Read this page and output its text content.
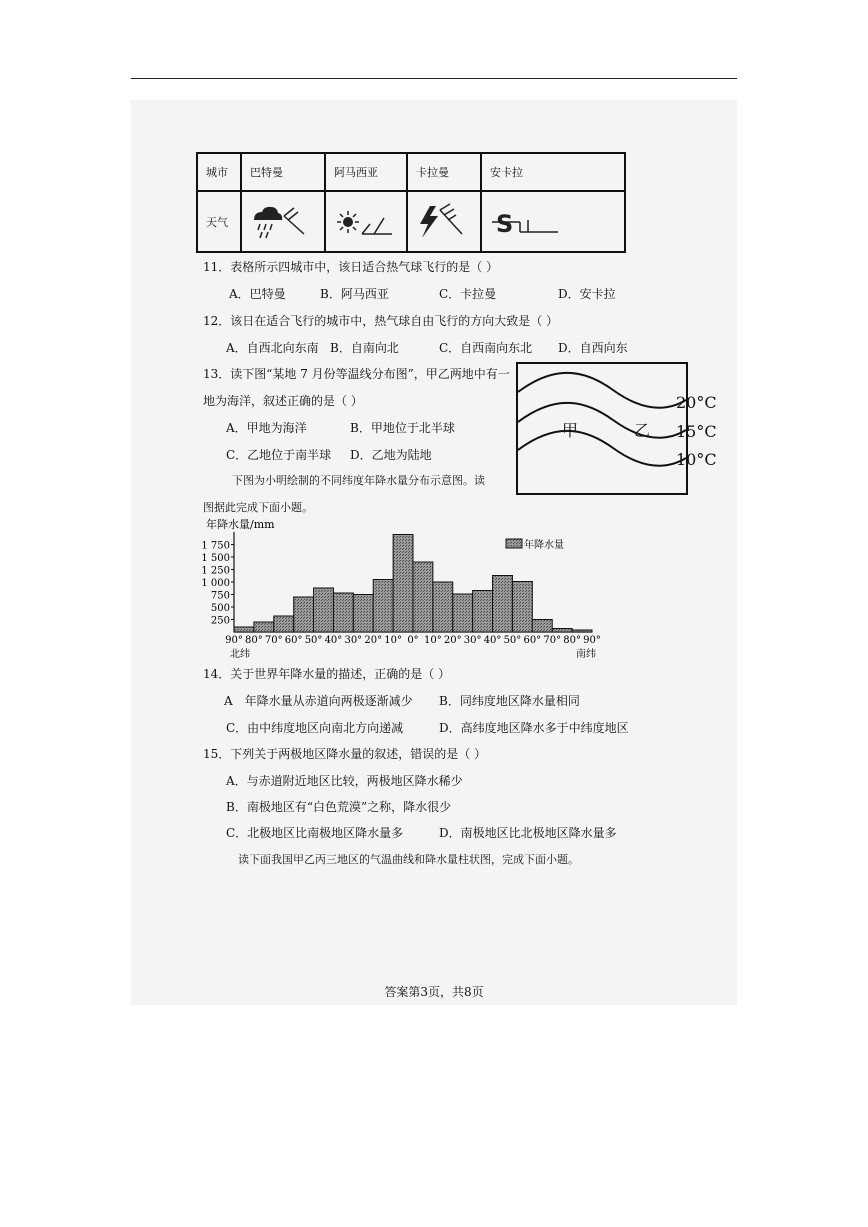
城市	巴特曼	阿马西亚	卡拉曼	安卡拉
天气				S
11．表格所示四城市中，该日适合热气球飞行的是（ ）
A．巴特曼	B．阿马西亚	C．卡拉曼	D．安卡拉
12．该日在适合飞行的城市中，热气球自由飞行的方向大致是（ ）
A．自西北向东南 B．自南向北	C．自西南向东北 D．自西向东
13．读下图“某地 7 月份等温线分布图”，甲乙两地中有一
地为海洋，叙述正确的是（ ）
A．甲地为海洋	B．甲地位于北半球
C．乙地位于南半球 D．乙地为陆地
甲	乙
20°C
15°C
10°C
下图为小明绘制的不同纬度年降水量分布示意图。读
图据此完成下面小题。
年降水量/mm
1 750
1 500
1 250
1 000
750
500
250
90° 80° 70° 60° 50° 40° 30° 20° 10° 0° 10° 20° 30° 40° 50° 60° 70° 80° 90°
北纬	南纬
年降水量
14．关于世界年降水量的描述，正确的是（ ）
A　年降水量从赤道向两极逐渐减少 B．同纬度地区降水量相同
C．由中纬度地区向南北方向递减	D．高纬度地区降水多于中纬度地区
15．下列关于两极地区降水量的叙述，错误的是（ ）
A．与赤道附近地区比较，两极地区降水稀少
B．南极地区有“白色荒漠”之称，降水很少
C．北极地区比南极地区降水量多	D．南极地区比北极地区降水量多
读下面我国甲乙丙三地区的气温曲线和降水量柱状图，完成下面小题。
答案第3页，共8页
